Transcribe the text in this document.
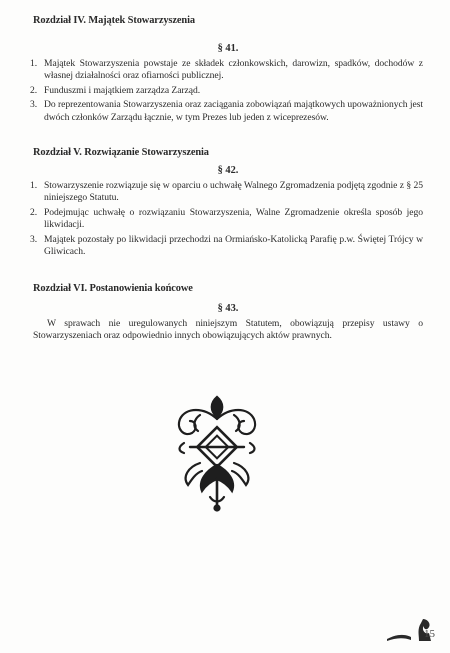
Rozdział IV. Majątek Stowarzyszenia

§ 41.

1. Majątek Stowarzyszenia powstaje ze składek członkowskich, darowizn, spadków, dochodów z własnej działalności oraz ofiarności publicznej.
2. Funduszmi i majątkiem zarządza Zarząd.
3. Do reprezentowania Stowarzyszenia oraz zaciągania zobowiązań majątkowych upoważnionych jest dwóch członków Zarządu łącznie, w tym Prezes lub jeden z wiceprezesów.

Rozdział V. Rozwiązanie Stowarzyszenia

§ 42.

1. Stowarzyszenie rozwiązuje się w oparciu o uchwałę Walnego Zgromadzenia podjętą zgodnie z § 25 niniejszego Statutu.
2. Podejmując uchwałę o rozwiązaniu Stowarzyszenia, Walne Zgromadzenie określa sposób jego likwidacji.
3. Majątek pozostały po likwidacji przechodzi na Ormiańsko-Katolicką Parafię p.w. Świętej Trójcy w Gliwicach.

Rozdział VI. Postanowienia końcowe

§ 43.

W sprawach nie uregulowanych niniejszym Statutem, obowiązują przepisy ustawy o Stowarzyszeniach oraz odpowiednio innych obowiązujących aktów prawnych.

15
